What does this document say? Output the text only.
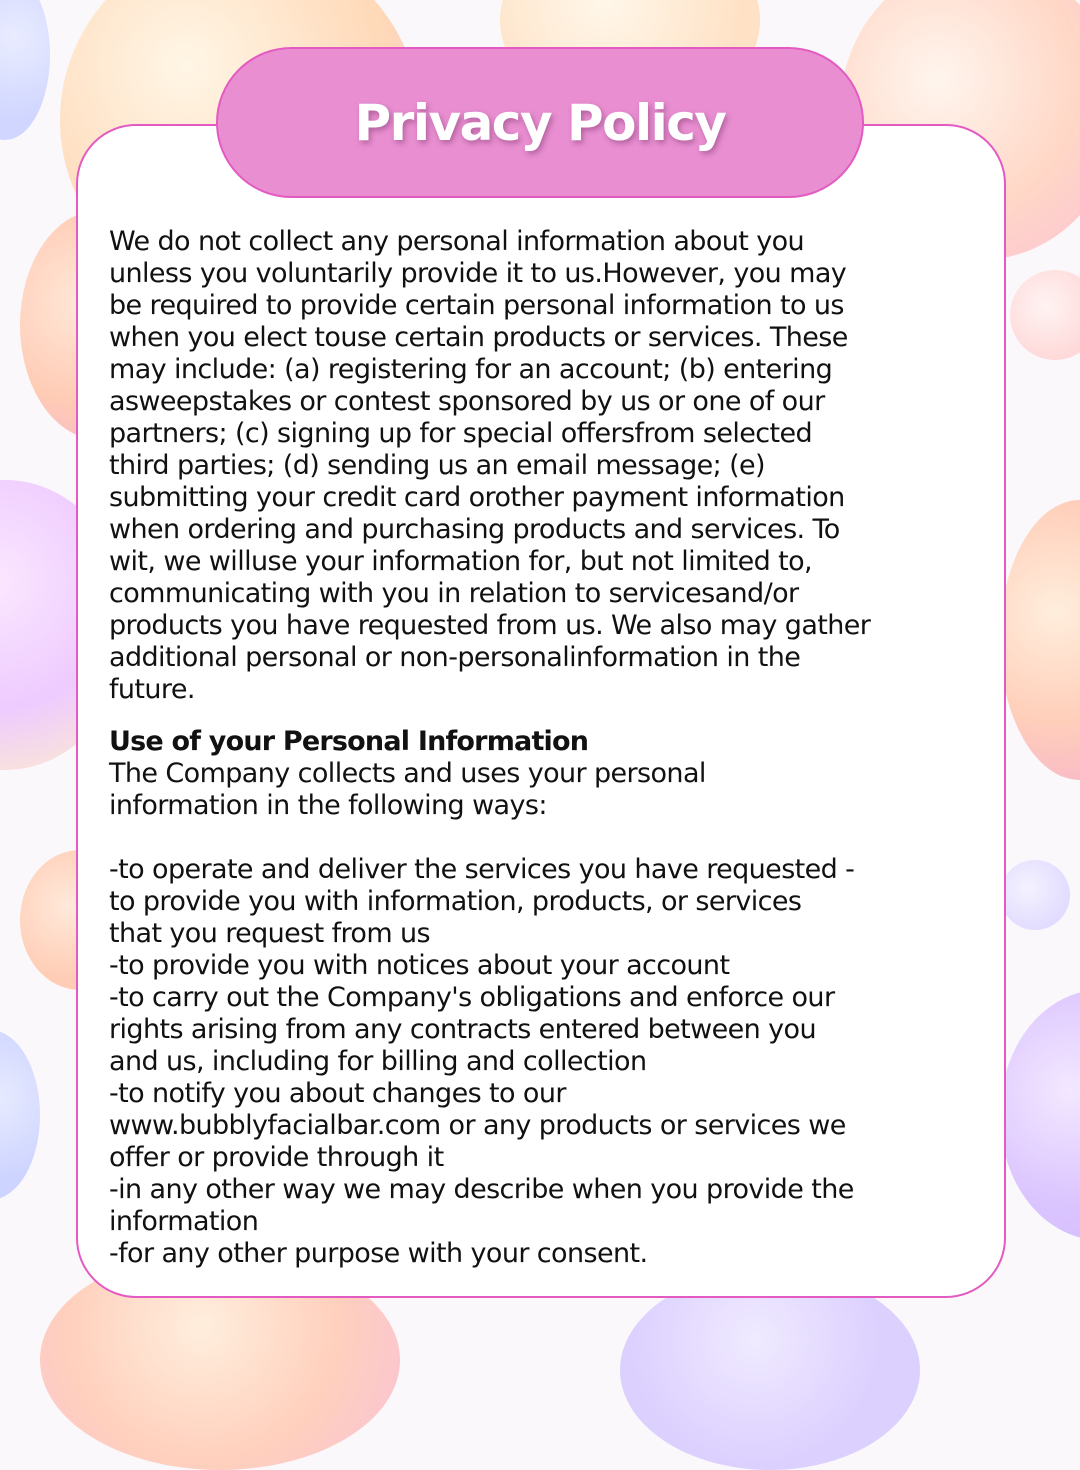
Privacy Policy

We do not collect any personal information about you
unless you voluntarily provide it to us.However, you may
be required to provide certain personal information to us
when you elect touse certain products or services. These
may include: (a) registering for an account; (b) entering
asweepstakes or contest sponsored by us or one of our
partners; (c) signing up for special offersfrom selected
third parties; (d) sending us an email message; (e)
submitting your credit card orother payment information
when ordering and purchasing products and services. To
wit, we willuse your information for, but not limited to,
communicating with you in relation to servicesand/or
products you have requested from us. We also may gather
additional personal or non-personalinformation in the
future.

Use of your Personal Information

The Company collects and uses your personal
information in the following ways:

-to operate and deliver the services you have requested -
to provide you with information, products, or services
that you request from us

-to provide you with notices about your account

-to carry out the Company's obligations and enforce our
rights arising from any contracts entered between you
and us, including for billing and collection

-to notify you about changes to our
www.bubblyfacialbar.com or any products or services we
offer or provide through it

-in any other way we may describe when you provide the
information

-for any other purpose with your consent.
